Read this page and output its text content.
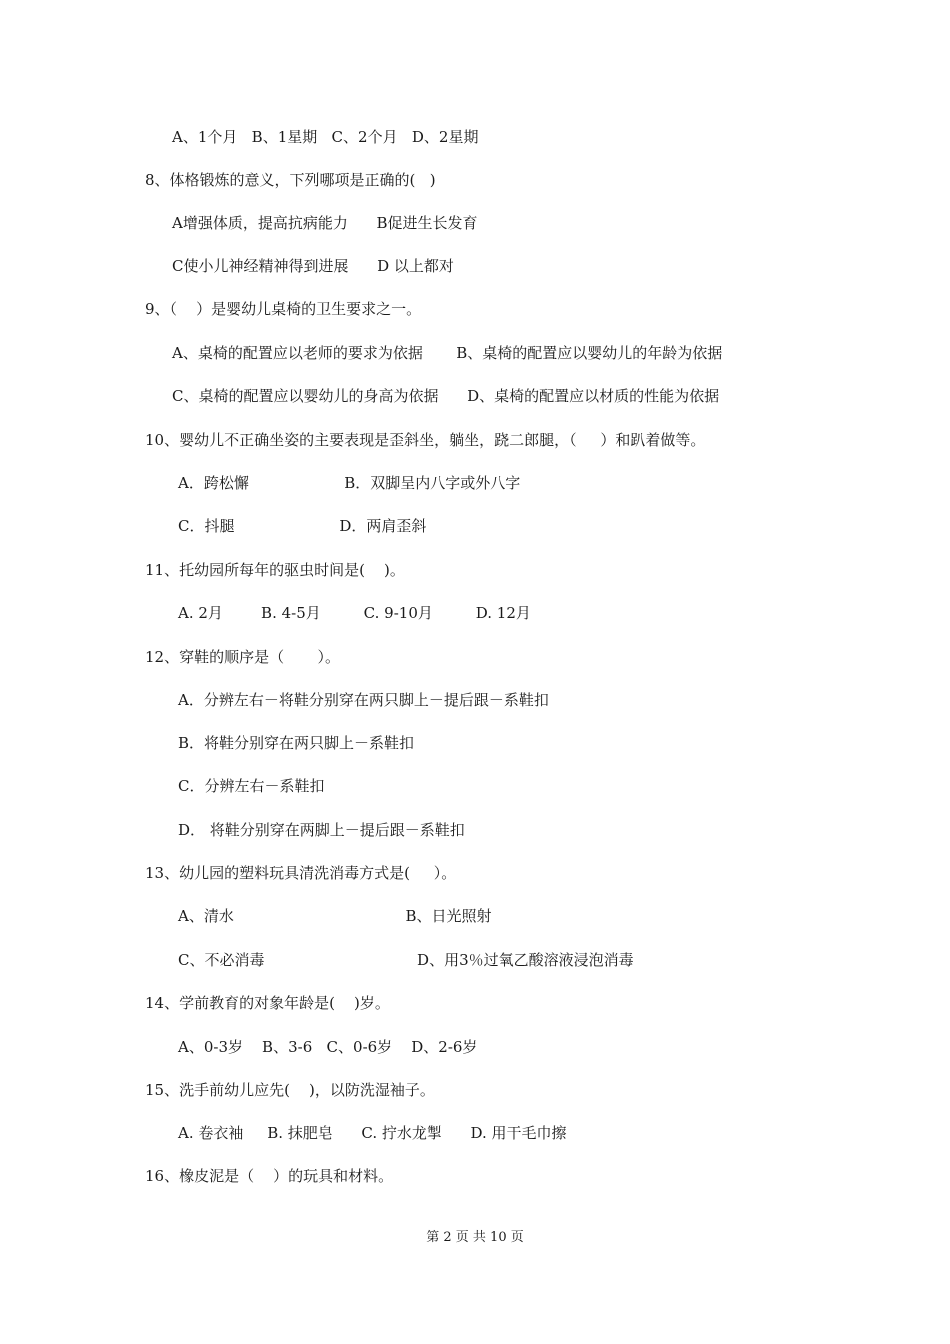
A、1个月   B、1星期   C、2个月   D、2星期
8、体格锻炼的意义，下列哪项是正确的(   )
A增强体质，提高抗病能力      B促进生长发育
C使小儿神经精神得到进展      D 以上都对
9、（    ）是婴幼儿桌椅的卫生要求之一。
A、桌椅的配置应以老师的要求为依据       B、桌椅的配置应以婴幼儿的年龄为依据
C、桌椅的配置应以婴幼儿的身高为依据      D、桌椅的配置应以材质的性能为依据
10、婴幼儿不正确坐姿的主要表现是歪斜坐，躺坐，跷二郎腿，（     ）和趴着做等。
A．跨松懈                    B．双脚呈内八字或外八字
C．抖腿                      D．两肩歪斜
11、托幼园所每年的驱虫时间是(    )。
A. 2月        B. 4-5月         C. 9-10月         D. 12月
12、穿鞋的顺序是（       ）。
A．分辨左右－将鞋分别穿在两只脚上－提后跟－系鞋扣
B．将鞋分别穿在两只脚上－系鞋扣
C．分辨左右－系鞋扣
D． 将鞋分别穿在两脚上－提后跟－系鞋扣
13、幼儿园的塑料玩具清洗消毒方式是(     ）。
A、清水                                    B、日光照射
C、不必消毒                                D、用3％过氧乙酸溶液浸泡消毒
14、学前教育的对象年龄是(    )岁。
A、0-3岁    B、3-6   C、0-6岁    D、2-6岁
15、洗手前幼儿应先(    )，以防洗湿袖子。
A. 卷衣袖     B. 抹肥皂      C. 拧水龙掣      D. 用干毛巾擦
16、橡皮泥是（    ）的玩具和材料。
第 2 页 共 10 页
